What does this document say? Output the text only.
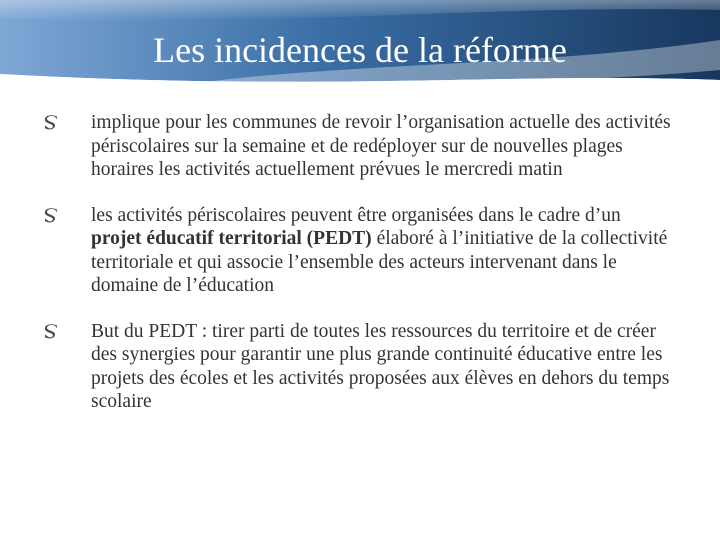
Les incidences de la réforme
implique pour les communes de revoir l’organisation actuelle des activités périscolaires sur la semaine et de redéployer sur de nouvelles plages horaires les activités actuellement prévues le mercredi matin
les activités périscolaires peuvent être organisées dans le cadre d’un projet éducatif territorial (PEDT) élaboré à l’initiative de la collectivité territoriale et qui associe l’ensemble des acteurs intervenant dans le domaine de l’éducation
But du PEDT : tirer parti de toutes les ressources du territoire et de créer des synergies pour garantir une plus grande continuité éducative entre les projets des écoles et les activités proposées aux élèves en dehors du temps scolaire
